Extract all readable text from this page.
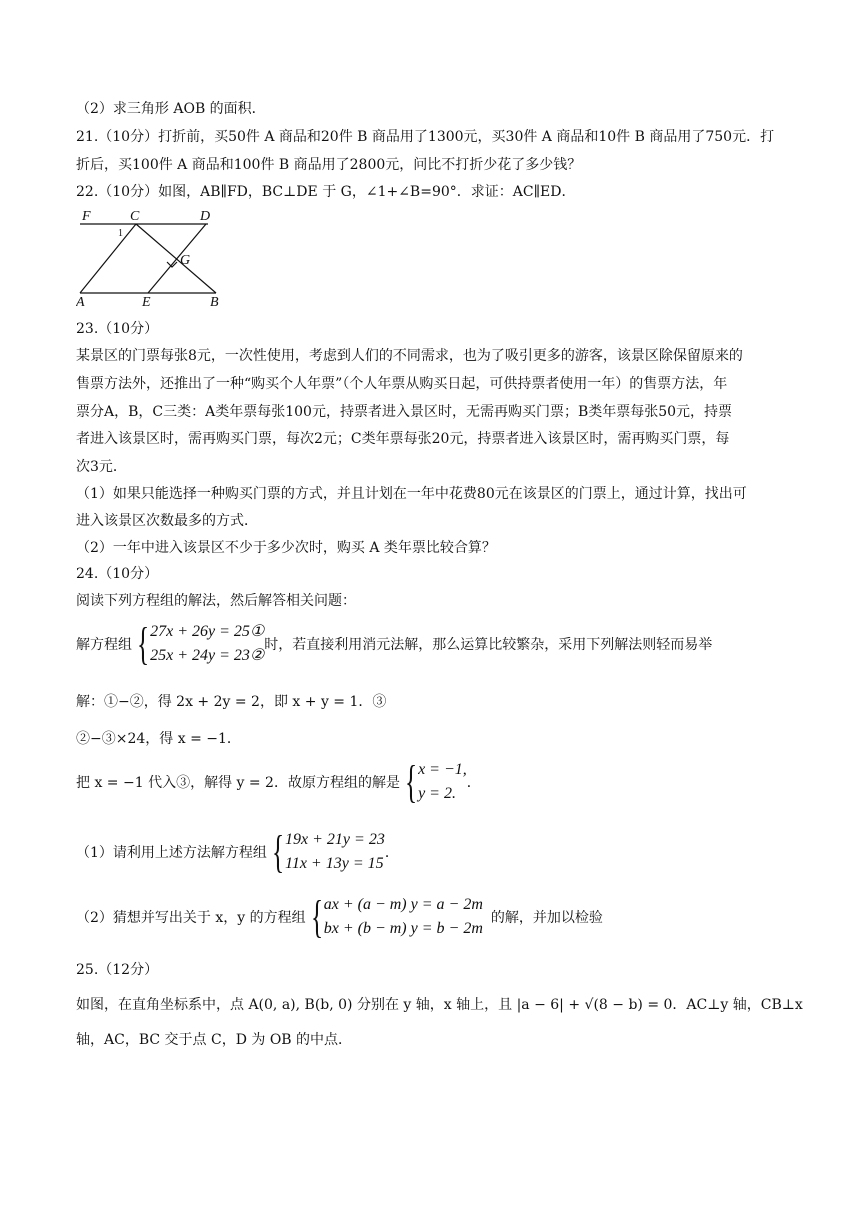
（2）求三角形 AOB 的面积．
21.（10分）打折前，买50件 A 商品和20件 B 商品用了1300元，买30件 A 商品和10件 B 商品用了750元．打
折后，买100件 A 商品和100件 B 商品用了2800元，问比不打折少花了多少钱？
22.（10分）如图，AB∥FD，BC⊥DE 于 G，∠1+∠B=90°．求证：AC∥ED．
F	C	D
1
G
A	E	B
23.（10分）
某景区的门票每张8元，一次性使用，考虑到人们的不同需求，也为了吸引更多的游客，该景区除保留原来的
售票方法外，还推出了一种“购买个人年票”（个人年票从购买日起，可供持票者使用一年）的售票方法，年
票分A，B，C三类：A类年票每张100元，持票者进入景区时，无需再购买门票；B类年票每张50元，持票
者进入该景区时，需再购买门票，每次2元；C类年票每张20元，持票者进入该景区时，需再购买门票，每
次3元．
（1）如果只能选择一种购买门票的方式，并且计划在一年中花费80元在该景区的门票上，通过计算，找出可
进入该景区次数最多的方式．
（2）一年中进入该景区不少于多少次时，购买 A 类年票比较合算？
24.（10分）
阅读下列方程组的解法，然后解答相关问题：
解方程组 { 27x + 26y = 25①
25x + 24y = 23②
时，若直接利用消元法解，那么运算比较繁杂，采用下列解法则轻而易举
解：①−②，得 2x + 2y = 2，即 x + y = 1．③
②−③×24，得 x = −1．
把 x = −1 代入③，解得 y = 2．故原方程组的解是 { x = −1,
y = 2.
．
（1）请利用上述方法解方程组 { 19x + 21y = 23
11x + 13y = 15
．
（2）猜想并写出关于 x，y 的方程组 { ax + (a − m) y = a − 2m
bx + (b − m) y = b − 2m
的解，并加以检验
25.（12分）
如图，在直角坐标系中，点 A(0, a), B(b, 0) 分别在 y 轴，x 轴上，且 |a − 6| + √(8 − b) = 0．AC⊥y 轴，CB⊥x
轴，AC，BC 交于点 C，D 为 OB 的中点．
